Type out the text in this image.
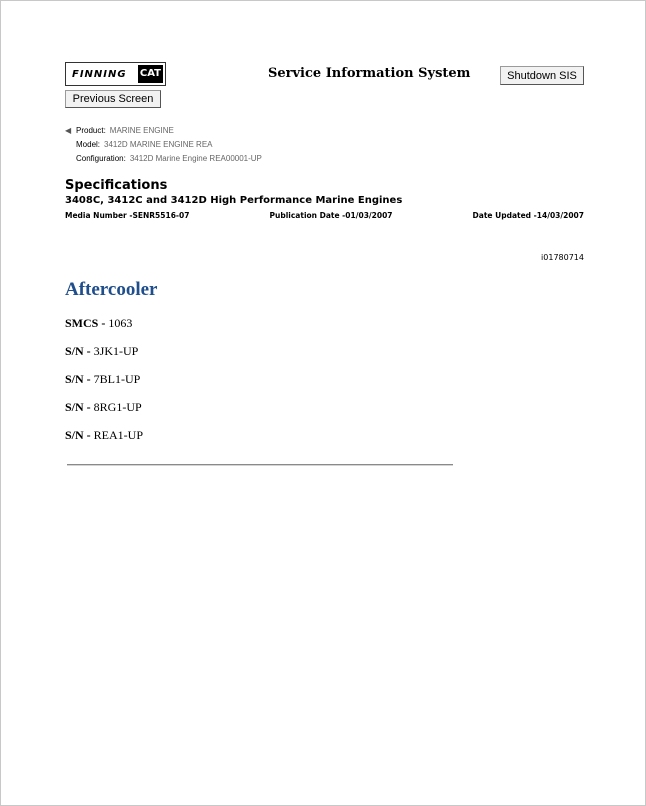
FINNING CAT	Service Information System	Shutdown SIS
Previous Screen
◀ Product: MARINE ENGINE
Model: 3412D MARINE ENGINE REA
Configuration: 3412D Marine Engine REA00001-UP
Specifications
3408C, 3412C and 3412D High Performance Marine Engines
Media Number -SENR5516-07	Publication Date -01/03/2007	Date Updated -14/03/2007
i01780714
Aftercooler
SMCS - 1063
S/N - 3JK1-UP
S/N - 7BL1-UP
S/N - 8RG1-UP
S/N - REA1-UP
